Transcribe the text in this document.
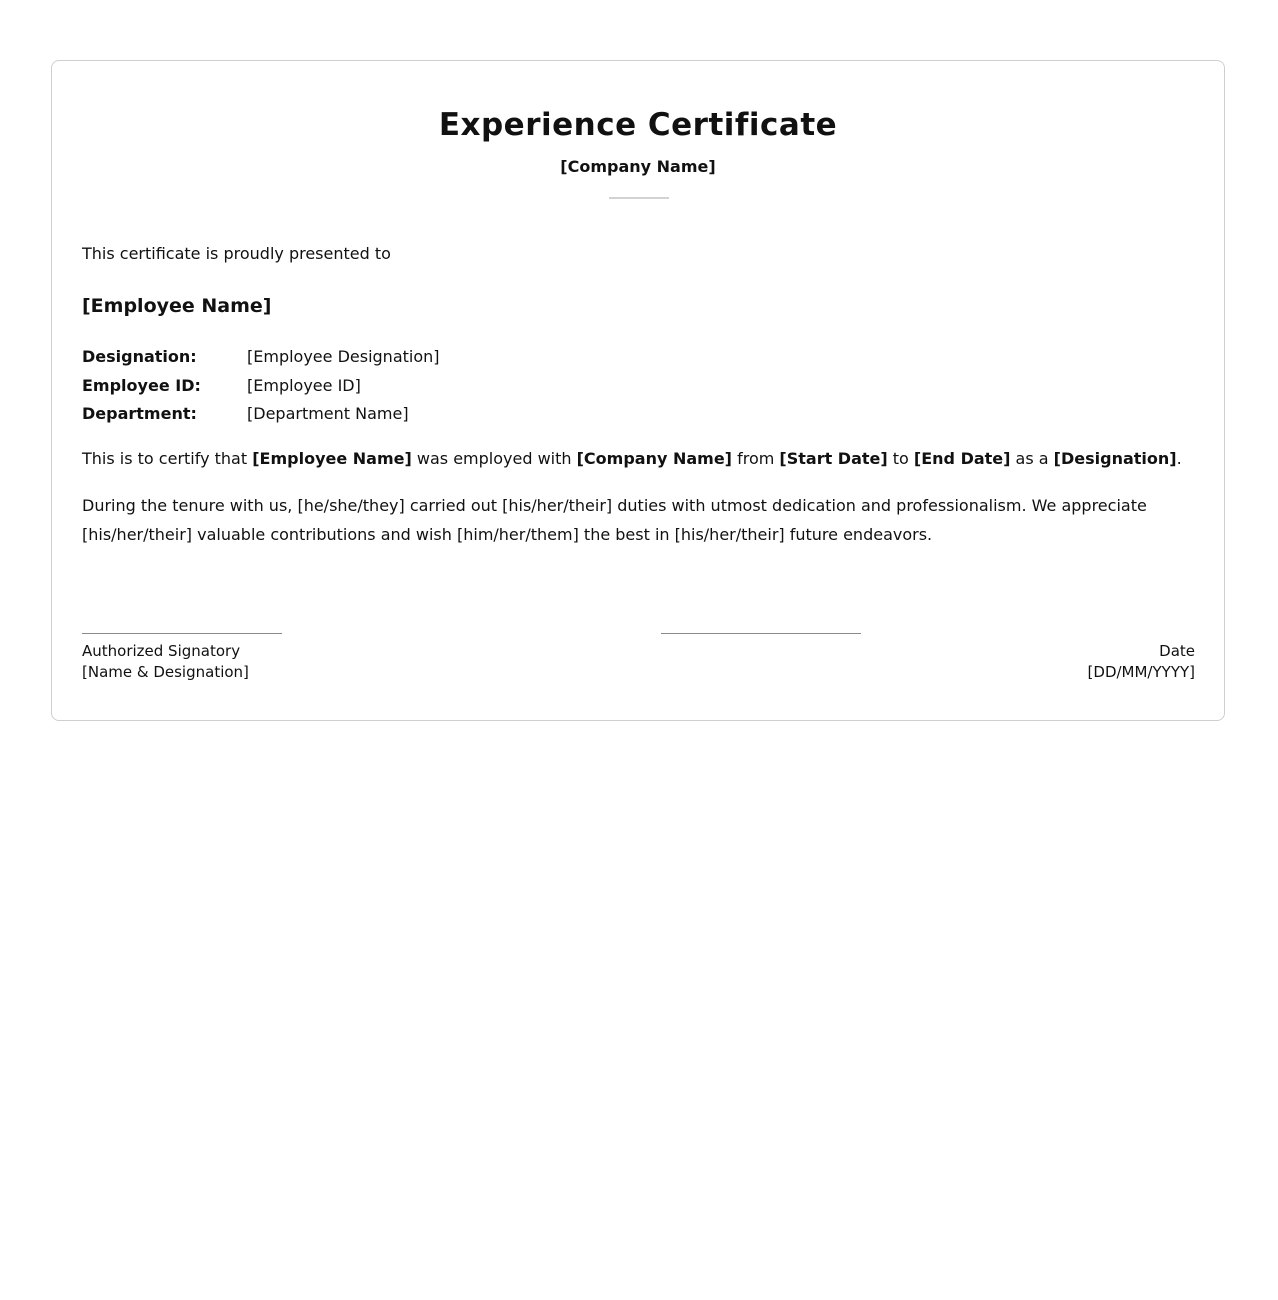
Experience Certificate
[Company Name]
This certificate is proudly presented to
[Employee Name]
Designation:	[Employee Designation]
Employee ID:	[Employee ID]
Department:	[Department Name]
This is to certify that [Employee Name] was employed with [Company Name] from [Start Date] to [End Date] as a [Designation].
During the tenure with us, [he/she/they] carried out [his/her/their] duties with utmost dedication and professionalism. We appreciate [his/her/their] valuable contributions and wish [him/her/them] the best in [his/her/their] future endeavors.
Authorized Signatory
[Name & Designation]
Date
[DD/MM/YYYY]
